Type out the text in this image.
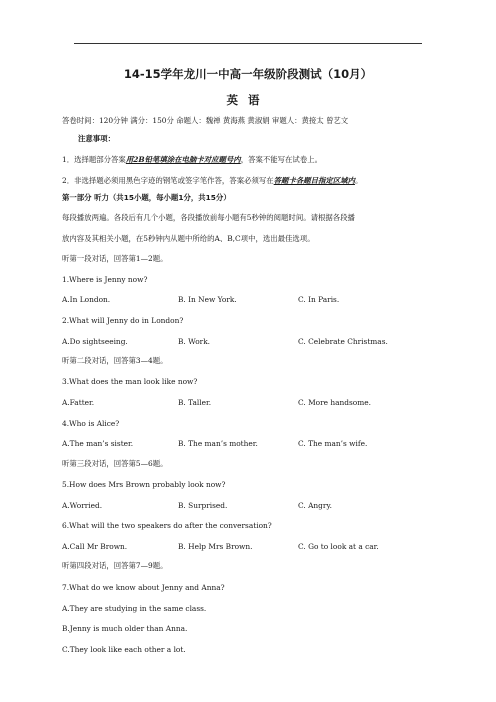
14-15学年龙川一中高一年级阶段测试（10月）
英语
答卷时间：120分钟 满分：150分 命题人：魏禅 黄海燕 黄淑娟 审题人：黄接太 曾艺文
注意事项：
1．选择题部分答案用2B铅笔填涂在电脑卡对应题号内，答案不能写在试卷上。
2．非选择题必须用黑色字迹的钢笔或签字笔作答，答案必须写在答题卡各题目指定区域内。
第一部分 听力（共15小题，每小题1分，共15分）
每段播放两遍。各段后有几个小题，各段播放前每小题有5秒钟的阅题时间。请根据各段播
放内容及其相关小题，在5秒钟内从题中所给的A、B,C项中，选出最佳选项。
听第一段对话，回答第1—2题。
1.Where is Jenny now?
A.In London.	B. In New York.	C. In Paris.
2.What will Jenny do in London?
A.Do sightseeing.	B. Work.	C. Celebrate Christmas.
听第二段对话，回答第3—4题。
3.What does the man look like now?
A.Fatter.	B. Taller.	C. More handsome.
4.Who is Alice?
A.The man’s sister.	B. The man’s mother.	C. The man’s wife.
听第三段对话，回答第5—6题。
5.How does Mrs Brown probably look now?
A.Worried.	B. Surprised.	C. Angry.
6.What will the two speakers do after the conversation?
A.Call Mr Brown.	B. Help Mrs Brown.	C. Go to look at a car.
听第四段对话，回答第7—9题。
7.What do we know about Jenny and Anna?
A.They are studying in the same class.
B.Jenny is much older than Anna.
C.They look like each other a lot.
